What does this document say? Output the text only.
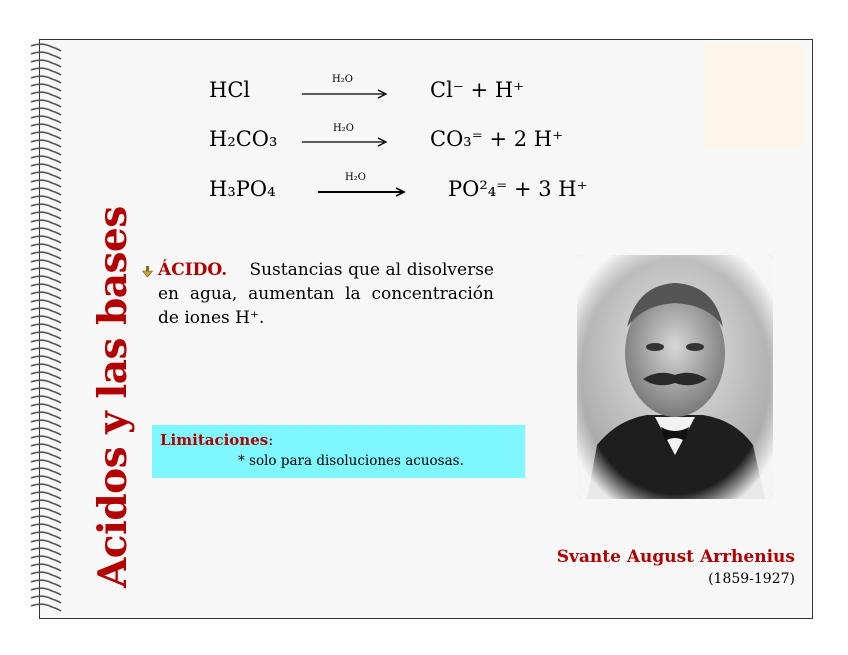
Acidos y las bases
HCl	H₂O	Cl⁻ + H⁺
H₂CO₃	H₂O	CO₃⁼ + 2 H⁺
H₃PO₄	H₂O	PO²₄⁼ + 3 H⁺
ÁCIDO. Sustancias que al disolverse en agua, aumentan la concentración de iones H⁺.
Limitaciones:
* solo para disoluciones acuosas.
Svante August Arrhenius
(1859-1927)
